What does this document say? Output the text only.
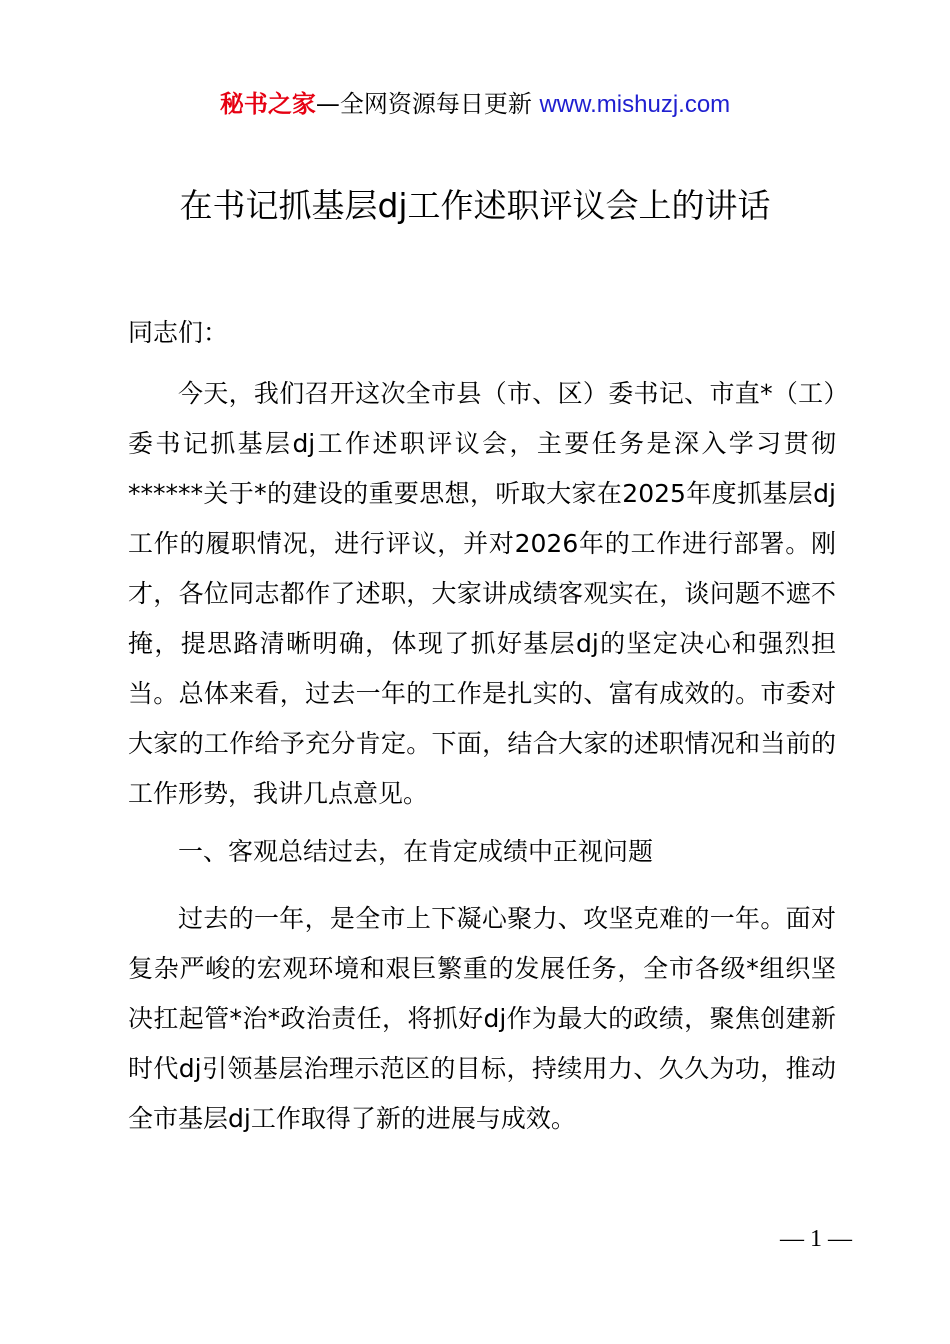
秘书之家—全网资源每日更新 www.mishuzj.com
在书记抓基层dj工作述职评议会上的讲话
同志们：

今天，我们召开这次全市县（市、区）委书记、市直*（工）委书记抓基层dj工作述职评议会，主要任务是深入学习贯彻******关于*的建设的重要思想，听取大家在2025年度抓基层dj工作的履职情况，进行评议，并对2026年的工作进行部署。刚才，各位同志都作了述职，大家讲成绩客观实在，谈问题不遮不掩，提思路清晰明确，体现了抓好基层dj的坚定决心和强烈担当。总体来看，过去一年的工作是扎实的、富有成效的。市委对大家的工作给予充分肯定。下面，结合大家的述职情况和当前的工作形势，我讲几点意见。

一、客观总结过去，在肯定成绩中正视问题

过去的一年，是全市上下凝心聚力、攻坚克难的一年。面对复杂严峻的宏观环境和艰巨繁重的发展任务，全市各级*组织坚决扛起管*治*政治责任，将抓好dj作为最大的政绩，聚焦创建新时代dj引领基层治理示范区的目标，持续用力、久久为功，推动全市基层dj工作取得了新的进展与成效。

— 1 —
